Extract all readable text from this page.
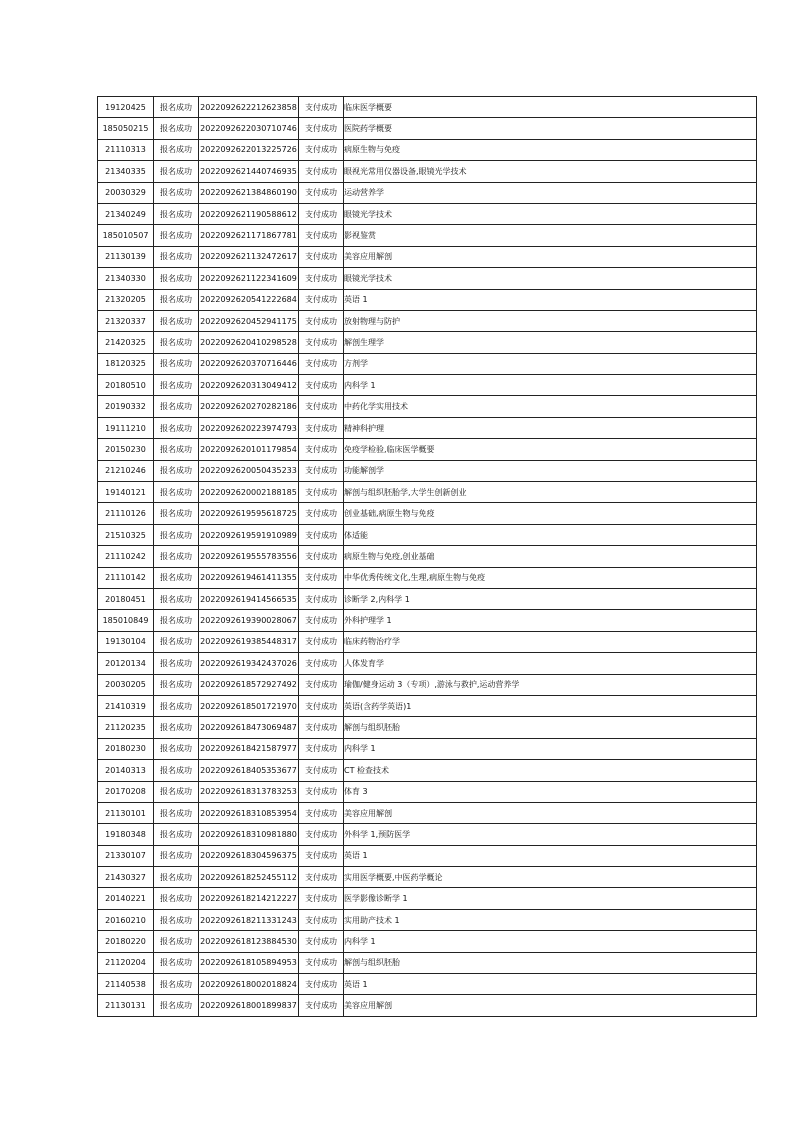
19120425	报名成功	2022092622212623858	支付成功	临床医学概要
185050215	报名成功	2022092622030710746	支付成功	医院药学概要
21110313	报名成功	2022092622013225726	支付成功	病原生物与免疫
21340335	报名成功	2022092621440746935	支付成功	眼视光常用仪器设备,眼镜光学技术
20030329	报名成功	2022092621384860190	支付成功	运动营养学
21340249	报名成功	2022092621190588612	支付成功	眼镜光学技术
185010507	报名成功	2022092621171867781	支付成功	影视鉴赏
21130139	报名成功	2022092621132472617	支付成功	美容应用解剖
21340330	报名成功	2022092621122341609	支付成功	眼镜光学技术
21320205	报名成功	2022092620541222684	支付成功	英语 1
21320337	报名成功	2022092620452941175	支付成功	放射物理与防护
21420325	报名成功	2022092620410298528	支付成功	解剖生理学
18120325	报名成功	2022092620370716446	支付成功	方剂学
20180510	报名成功	2022092620313049412	支付成功	内科学 1
20190332	报名成功	2022092620270282186	支付成功	中药化学实用技术
19111210	报名成功	2022092620223974793	支付成功	精神科护理
20150230	报名成功	2022092620101179854	支付成功	免疫学检验,临床医学概要
21210246	报名成功	2022092620050435233	支付成功	功能解剖学
19140121	报名成功	2022092620002188185	支付成功	解剖与组织胚胎学,大学生创新创业
21110126	报名成功	2022092619595618725	支付成功	创业基础,病原生物与免疫
21510325	报名成功	2022092619591910989	支付成功	体适能
21110242	报名成功	2022092619555783556	支付成功	病原生物与免疫,创业基础
21110142	报名成功	2022092619461411355	支付成功	中华优秀传统文化,生理,病原生物与免疫
20180451	报名成功	2022092619414566535	支付成功	诊断学 2,内科学 1
185010849	报名成功	2022092619390028067	支付成功	外科护理学 1
19130104	报名成功	2022092619385448317	支付成功	临床药物治疗学
20120134	报名成功	2022092619342437026	支付成功	人体发育学
20030205	报名成功	2022092618572927492	支付成功	瑜伽/健身运动 3（专项）,游泳与救护,运动营养学
21410319	报名成功	2022092618501721970	支付成功	英语(含药学英语)1
21120235	报名成功	2022092618473069487	支付成功	解剖与组织胚胎
20180230	报名成功	2022092618421587977	支付成功	内科学 1
20140313	报名成功	2022092618405353677	支付成功	CT 检查技术
20170208	报名成功	2022092618313783253	支付成功	体育 3
21130101	报名成功	2022092618310853954	支付成功	美容应用解剖
19180348	报名成功	2022092618310981880	支付成功	外科学 1,预防医学
21330107	报名成功	2022092618304596375	支付成功	英语 1
21430327	报名成功	2022092618252455112	支付成功	实用医学概要,中医药学概论
20140221	报名成功	2022092618214212227	支付成功	医学影像诊断学 1
20160210	报名成功	2022092618211331243	支付成功	实用助产技术 1
20180220	报名成功	2022092618123884530	支付成功	内科学 1
21120204	报名成功	2022092618105894953	支付成功	解剖与组织胚胎
21140538	报名成功	2022092618002018824	支付成功	英语 1
21130131	报名成功	2022092618001899837	支付成功	美容应用解剖
